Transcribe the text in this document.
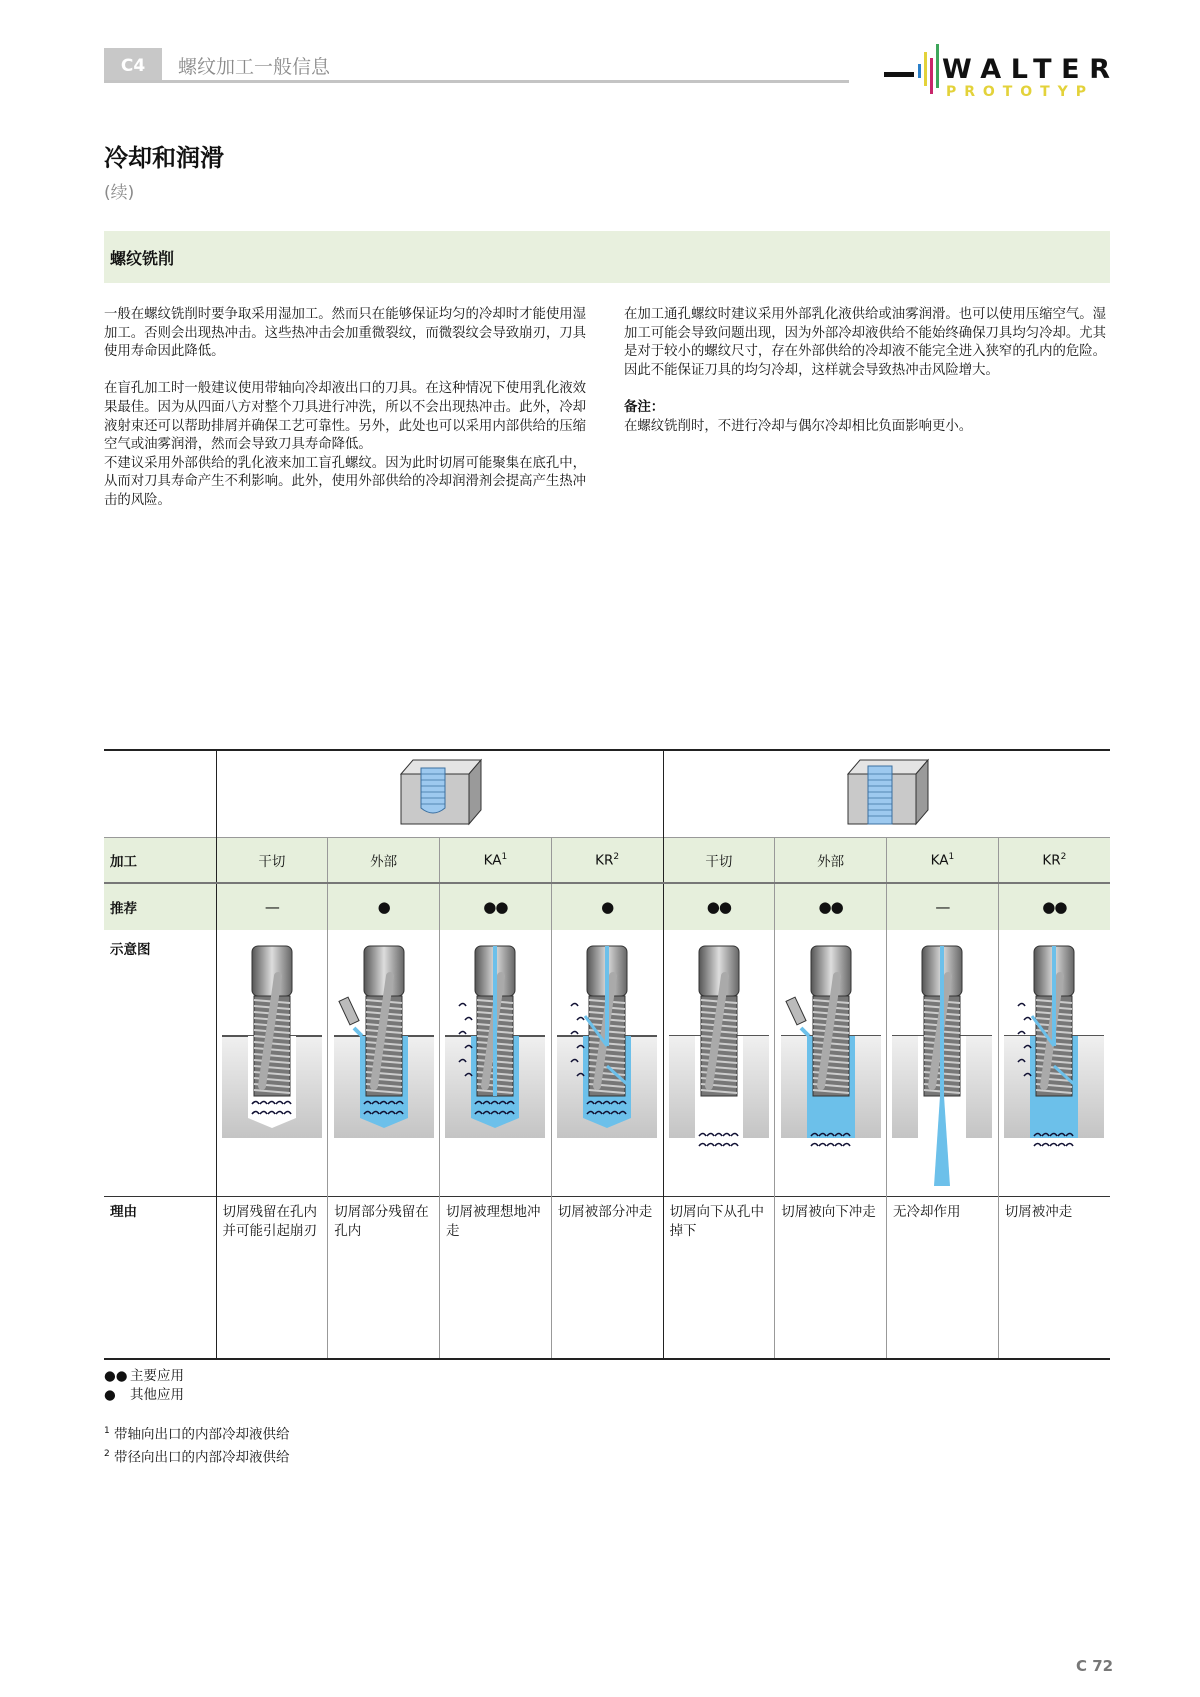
C4	螺纹加工一般信息	WALTER
PROTOTYP
冷却和润滑
(续)
螺纹铣削

一般在螺纹铣削时要争取采用湿加工。然而只在能够保证均匀的冷却时才能使用湿加工。否则会出现热冲击。这些热冲击会加重微裂纹，而微裂纹会导致崩刃，刀具使用寿命因此降低。

在盲孔加工时一般建议使用带轴向冷却液出口的刀具。在这种情况下使用乳化液效果最佳。因为从四面八方对整个刀具进行冲洗，所以不会出现热冲击。此外，冷却液射束还可以帮助排屑并确保工艺可靠性。另外，此处也可以采用内部供给的压缩空气或油雾润滑，然而会导致刀具寿命降低。

不建议采用外部供给的乳化液来加工盲孔螺纹。因为此时切屑可能聚集在底孔中，从而对刀具寿命产生不利影响。此外，使用外部供给的冷却润滑剂会提高产生热冲击的风险。

在加工通孔螺纹时建议采用外部乳化液供给或油雾润滑。也可以使用压缩空气。湿加工可能会导致问题出现，因为外部冷却液供给不能始终确保刀具均匀冷却。尤其是对于较小的螺纹尺寸，存在外部供给的冷却液不能完全进入狭窄的孔内的危险。因此不能保证刀具的均匀冷却，这样就会导致热冲击风险增大。

备注：

在螺纹铣削时，不进行冷却与偶尔冷却相比负面影响更小。

加工	干切	外部	$KA^1$	$KR^2$	干切	外部	$KA^1$	$KR^2$
推荐	—	●	●●	●	●●	●●	—	●●
示意图	

理由	切屑残留在孔内并可能引起崩刃	切屑部分残留在孔内	切屑被理想地冲走	切屑被部分冲走	切屑向下从孔中掉下	切屑被向下冲走	无冷却作用	切屑被冲走
●● 主要应用
● 其他应用
$^1$ 带轴向出口的内部冷却液供给
$^2$ 带径向出口的内部冷却液供给
C 72
